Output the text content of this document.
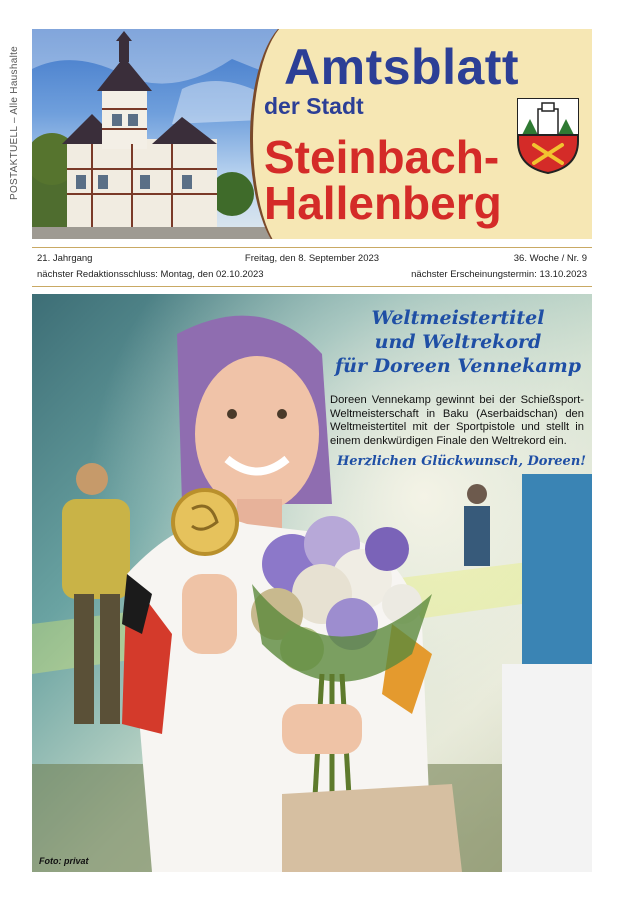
POSTAKTUELL – Alle Haushalte	Amtsblatt
der Stadt
Steinbach-
Hallenberg
21. Jahrgang	Freitag, den 8. September 2023	36. Woche / Nr. 9
nächster Redaktionsschluss: Montag, den 02.10.2023	nächster Erscheinungstermin: 13.10.2023
Weltmeistertitel
und Weltrekord
für Doreen Vennekamp
Doreen Vennekamp gewinnt bei der Schießsport-Weltmeisterschaft in Baku (Aserbaidschan) den Weltmeistertitel mit der Sportpistole und stellt in einem denkwürdigen Finale den Weltrekord ein.
Herzlichen Glückwunsch, Doreen!
Foto: privat
